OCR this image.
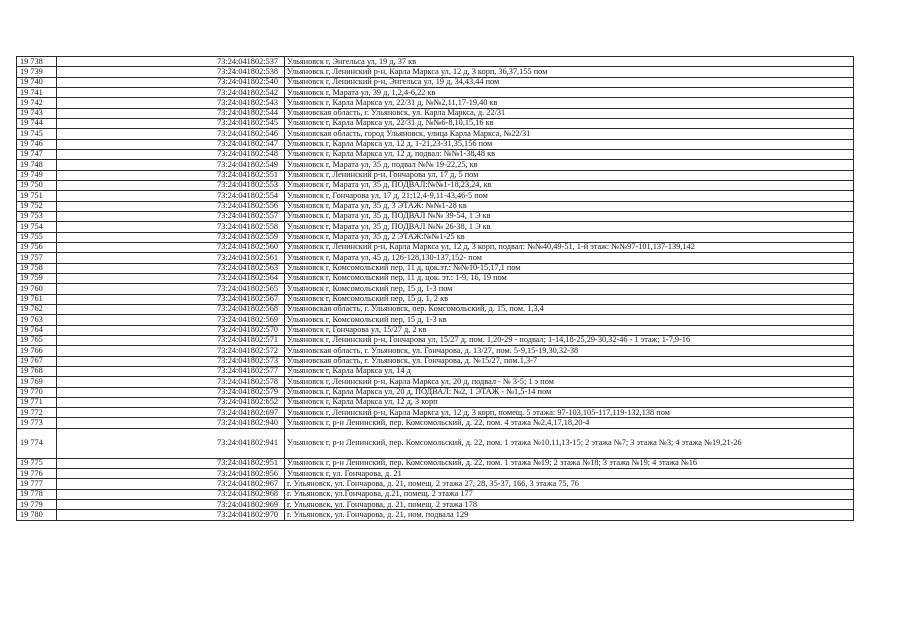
19 738	73:24:041802:537	Ульяновск г, Энгельса ул, 19 д, 37 кв
19 739	73:24:041802:538	Ульяновск г, Ленинский р-н, Карла Маркса ул, 12 д, 3 корп, 36,37,155 пом
19 740	73:24:041802:540	Ульяновск г, Ленинский р-н, Энгельса ул, 19 д, 34,43,44 пом
19 741	73:24:041802:542	Ульяновск г, Марата ул, 39 д, 1,2,4-6,22 кв
19 742	73:24:041802:543	Ульяновск г, Карла Маркса ул, 22/31 д, №№2,11,17-19,40 кв
19 743	73:24:041802:544	Ульяновская область, г. Ульяновск, ул. Карла Маркса, д. 22/31
19 744	73:24:041802:545	Ульяновск г, Карла Маркса ул, 22/31 д, №№6-8,10,15,16 кв
19 745	73:24:041802:546	Ульяновская область, город Ульяновск, улица Карла Маркса, №22/31
19 746	73:24:041802:547	Ульяновск г, Карла Маркса ул, 12 д, 1-21,23-31,35,156 пом
19 747	73:24:041802:548	Ульяновск г, Карла Маркса ул, 12 д, подвал: №№1-38,48 кв
19 748	73:24:041802:549	Ульяновск г, Марата ул, 35 д, подвал №№ 19-22,25, кв
19 749	73:24:041802:551	Ульяновск г, Ленинский р-н, Гончарова ул, 17 д, 5 пом
19 750	73:24:041802:553	Ульяновск г, Марата ул, 35 д, ПОДВАЛ:№№1-18,23,24, кв
19 751	73:24:041802:554	Ульяновск г, Гончарова ул, 17 д, 21;12,4-9,11-43,46-5 пом
19 752	73:24:041802:556	Ульяновск г, Марата ул, 35 д, 3 ЭТАЖ: №№1-28 кв
19 753	73:24:041802:557	Ульяновск г, Марата ул, 35 д, ПОДВАЛ №№ 39-54, 1 Э кв
19 754	73:24:041802:558	Ульяновск г, Марата ул, 35 д, ПОДВАЛ №№ 26-38, 1 Э кв
19 755	73:24:041802:559	Ульяновск г, Марата ул, 35 д, 2 ЭТАЖ:№№1-25 кв
19 756	73:24:041802:560	Ульяновск г, Ленинский р-н, Карла Маркса ул, 12 д, 3 корп, подвал: №№40,49-51, 1-й этаж: №№97-101,137-139,142
19 757	73:24:041802:561	Ульяновск г, Марата ул, 45 д, 126-128,130-137,152- пом
19 758	73:24:041802:563	Ульяновск г, Комсомольский пер, 11 д, цок.эт.: №№10-15,17,1 пом
19 759	73:24:041802:564	Ульяновск г, Комсомольский пер, 11 д, цок. эт.: 1-9, 16, 19 пом
19 760	73:24:041802:565	Ульяновск г, Комсомольский пер, 15 д, 1-3 пом
19 761	73:24:041802:567	Ульяновск г, Комсомольский пер, 15 д, 1, 2 кв
19 762	73:24:041802:568	Ульяновская область, г. Ульяновск, пер. Комсомольский, д. 15, пом. 1,3,4
19 763	73:24:041802:569	Ульяновск г, Комсомольский пер, 15 д, 1-3 кв
19 764	73:24:041802:570	Ульяновск г, Гончарова ул, 15/27 д, 2 кв
19 765	73:24:041802:571	Ульяновск г, Ленинский р-н, Гончарова ул, 15/27 д, пом. 1,20-29 - подвал; 1-14,18-25,29-30,32-46 - 1 этаж; 1-7,9-16
19 766	73:24:041802:572	Ульяновская область, г. Ульяновск, ул. Гончарова, д. 13/27, пом. 5-9,15-19,30,32-38
19 767	73:24:041802:573	Ульяновская область, г. Ульяновск, ул. Гончарова, д. №15/27, пом.1,3-7
19 768	73:24:041802:577	Ульяновск г, Карла Маркса ул, 14 д
19 769	73:24:041802:578	Ульяновск г, Ленинский р-н, Карла Маркса ул, 20 д, подвал - № 3-5; 1 э пом
19 770	73:24:041802:579	Ульяновск г, Карла Маркса ул, 20 д, ПОДВАЛ: №2, 1 ЭТАЖ - №1,5-14 пом
19 771	73:24:041802:652	Ульяновск г, Карла Маркса ул, 12 д, 3 корп
19 772	73:24:041802:697	Ульяновск г, Ленинский р-н, Карла Маркса ул, 12 д, 3 корп, помещ. 5 этажа: 97-103,105-117,119-132,138 пом
19 773	73:24:041802:940	Ульяновск г, р-н Ленинский, пер. Комсомольский, д. 22, пом. 4 этажа №2,4,17,18,20-4
19 774	73:24:041802:941	Ульяновск г, р-н Ленинский, пер. Комсомольский, д. 22, пом. 1 этажа №10,11,13-15; 2 этажа №7; 3 этажа №3; 4 этажа №19,21-26
19 775	73:24:041802:951	Ульяновск г, р-н Ленинский, пер. Комсомольский, д. 22, пом. 1 этажа №19; 2 этажа №18; 3 этажа №19; 4 этажа №16
19 776	73:24:041802:956	Ульяновск г, ул. Гончарова, д. 21
19 777	73:24:041802:967	г. Ульяновск, ул. Гончарова, д. 21, помещ. 2 этажа 27, 28, 35-37, 166, 3 этажа 75, 76
19 778	73:24:041802:968	г. Ульяновск, ул.Гончарова, д.21, помещ. 2 этажа 177
19 779	73:24:041802:969	г. Ульяновск, ул. Гончарова, д. 21, помещ. 2 этажа 178
19 780	73:24:041802:970	г. Ульяновск, ул. Гончарова, д. 21, ном. подвала 129
